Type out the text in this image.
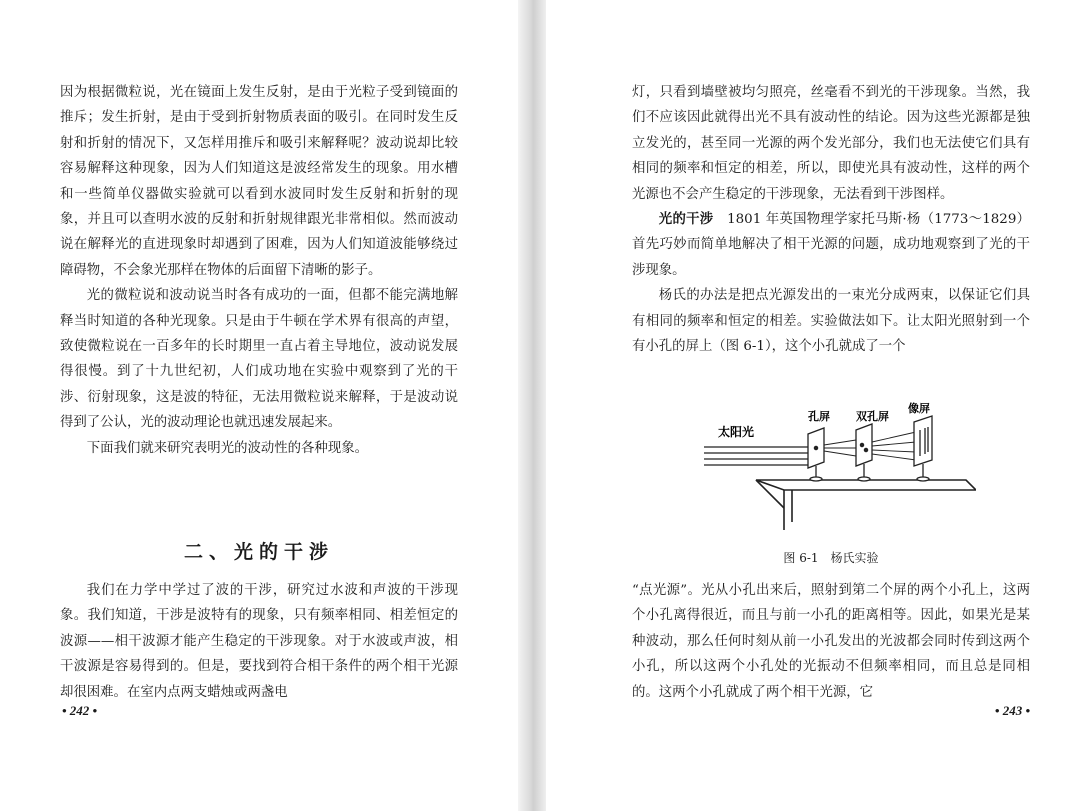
因为根据微粒说，光在镜面上发生反射，是由于光粒子受到镜面的推斥；发生折射，是由于受到折射物质表面的吸引。在同时发生反射和折射的情况下，又怎样用推斥和吸引来解释呢？波动说却比较容易解释这种现象，因为人们知道这是波经常发生的现象。用水槽和一些简单仪器做实验就可以看到水波同时发生反射和折射的现象，并且可以查明水波的反射和折射规律跟光非常相似。然而波动说在解释光的直进现象时却遇到了困难，因为人们知道波能够绕过障碍物，不会象光那样在物体的后面留下清晰的影子。

光的微粒说和波动说当时各有成功的一面，但都不能完满地解释当时知道的各种光现象。只是由于牛顿在学术界有很高的声望，致使微粒说在一百多年的长时期里一直占着主导地位，波动说发展得很慢。到了十九世纪初，人们成功地在实验中观察到了光的干涉、衍射现象，这是波的特征，无法用微粒说来解释，于是波动说得到了公认，光的波动理论也就迅速发展起来。

下面我们就来研究表明光的波动性的各种现象。

二、光的干涉

我们在力学中学过了波的干涉，研究过水波和声波的干涉现象。我们知道，干涉是波特有的现象，只有频率相同、相差恒定的波源——相干波源才能产生稳定的干涉现象。对于水波或声波，相干波源是容易得到的。但是，要找到符合相干条件的两个相干光源却很困难。在室内点两支蜡烛或两盏电

• 242 •

灯，只看到墙壁被均匀照亮，丝毫看不到光的干涉现象。当然，我们不应该因此就得出光不具有波动性的结论。因为这些光源都是独立发光的，甚至同一光源的两个发光部分，我们也无法使它们具有相同的频率和恒定的相差，所以，即使光具有波动性，这样的两个光源也不会产生稳定的干涉现象，无法看到干涉图样。

光的干涉　 1801 年英国物理学家托马斯·杨（1773～1829）首先巧妙而简单地解决了相干光源的问题，成功地观察到了光的干涉现象。

杨氏的办法是把点光源发出的一束光分成两束，以保证它们具有相同的频率和恒定的相差。实验做法如下。让太阳光照射到一个有小孔的屏上（图 6-1），这个小孔就成了一个

太阳光
孔屏 双孔屏
像屏
图 6-1　杨氏实验

“点光源”。光从小孔出来后，照射到第二个屏的两个小孔上，这两个小孔离得很近，而且与前一小孔的距离相等。因此，如果光是某种波动，那么任何时刻从前一小孔发出的光波都会同时传到这两个小孔，所以这两个小孔处的光振动不但频率相同，而且总是同相的。这两个小孔就成了两个相干光源，它

• 243 •
